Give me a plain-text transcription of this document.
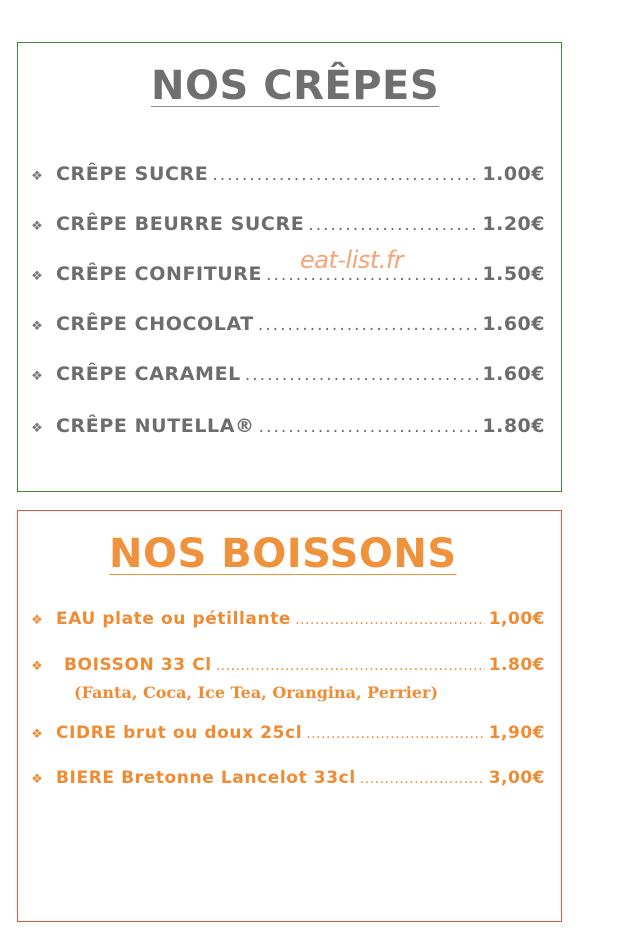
NOS CRÊPES
❖ CRÊPE SUCRE .....	1.00€
❖ CRÊPE BEURRE SUCRE .....	1.20€
❖ CRÊPE CONFITURE .....	1.50€
❖ CRÊPE CHOCOLAT .....	1.60€
❖ CRÊPE CARAMEL .....	1.60€
❖ CRÊPE NUTELLA® .....	1.80€
NOS BOISSONS
❖ EAU plate ou pétillante .....	1,00€
❖	BOISSON 33 Cl .....	1.80€
(Fanta, Coca, Ice Tea, Orangina, Perrier)
❖ CIDRE brut ou doux 25cl .....	1,90€
❖ BIERE Bretonne Lancelot 33cl .....	3,00€
eat-list.fr
